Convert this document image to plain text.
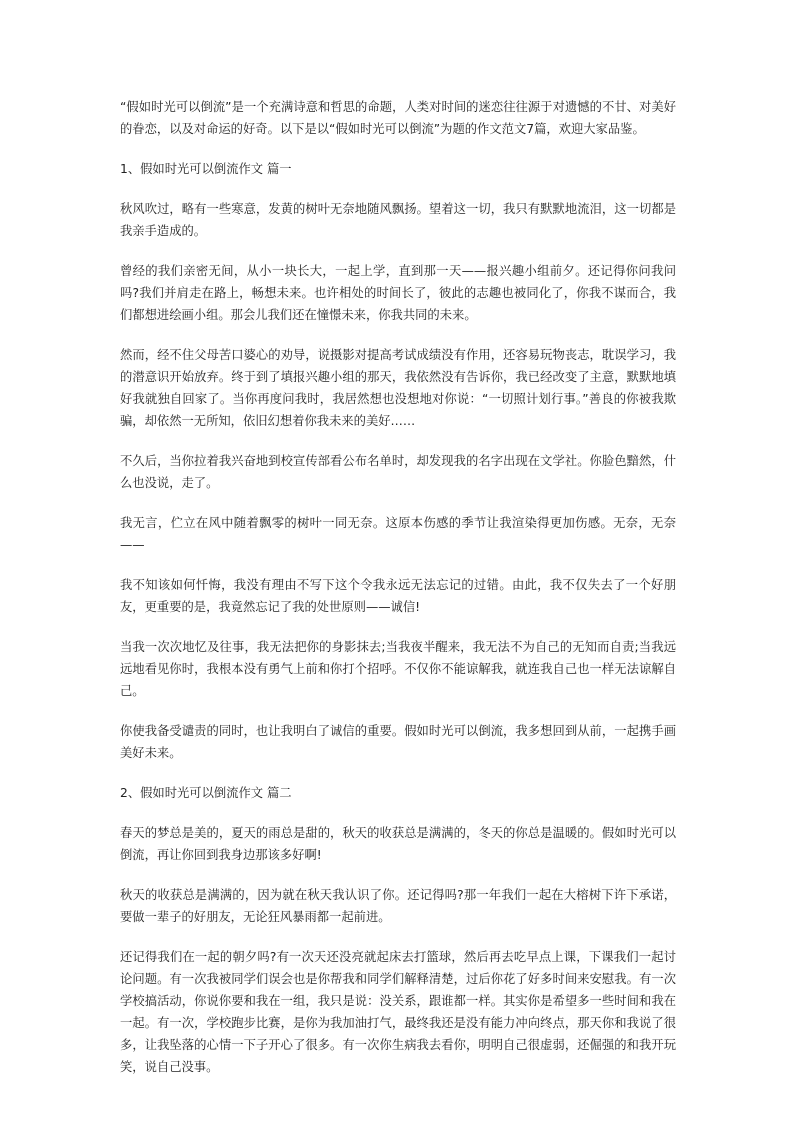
“假如时光可以倒流”是一个充满诗意和哲思的命题，人类对时间的迷恋往往源于对遗憾的不甘、对美好的眷恋，以及对命运的好奇。以下是以“假如时光可以倒流”为题的作文范文7篇，欢迎大家品鉴。

1、假如时光可以倒流作文 篇一

秋风吹过，略有一些寒意，发黄的树叶无奈地随风飘扬。望着这一切，我只有默默地流泪，这一切都是我亲手造成的。

曾经的我们亲密无间，从小一块长大，一起上学，直到那一天——报兴趣小组前夕。还记得你问我问吗?我们并肩走在路上，畅想未来。也许相处的时间长了，彼此的志趣也被同化了，你我不谋而合，我们都想进绘画小组。那会儿我们还在憧憬未来，你我共同的未来。

然而，经不住父母苦口婆心的劝导，说摄影对提高考试成绩没有作用，还容易玩物丧志，耽误学习，我的潜意识开始放弃。终于到了填报兴趣小组的那天，我依然没有告诉你，我已经改变了主意，默默地填好我就独自回家了。当你再度问我时，我居然想也没想地对你说：“一切照计划行事。”善良的你被我欺骗，却依然一无所知，依旧幻想着你我未来的美好……

不久后，当你拉着我兴奋地到校宣传部看公布名单时，却发现我的名字出现在文学社。你脸色黯然，什么也没说，走了。

我无言，伫立在风中随着飘零的树叶一同无奈。这原本伤感的季节让我渲染得更加伤感。无奈，无奈——

我不知该如何忏悔，我没有理由不写下这个令我永远无法忘记的过错。由此，我不仅失去了一个好朋友，更重要的是，我竟然忘记了我的处世原则——诚信!

当我一次次地忆及往事，我无法把你的身影抹去;当我夜半醒来，我无法不为自己的无知而自责;当我远远地看见你时，我根本没有勇气上前和你打个招呼。不仅你不能谅解我，就连我自己也一样无法谅解自己。

你使我备受谴责的同时，也让我明白了诚信的重要。假如时光可以倒流，我多想回到从前，一起携手画美好未来。

2、假如时光可以倒流作文 篇二

春天的梦总是美的，夏天的雨总是甜的，秋天的收获总是满满的，冬天的你总是温暖的。假如时光可以倒流，再让你回到我身边那该多好啊!

秋天的收获总是满满的，因为就在秋天我认识了你。还记得吗?那一年我们一起在大榕树下许下承诺，要做一辈子的好朋友，无论狂风暴雨都一起前进。

还记得我们在一起的朝夕吗?有一次天还没亮就起床去打篮球，然后再去吃早点上课，下课我们一起讨论问题。有一次我被同学们误会也是你帮我和同学们解释清楚，过后你花了好多时间来安慰我。有一次学校搞活动，你说你要和我在一组，我只是说：没关系，跟谁都一样。其实你是希望多一些时间和我在一起。有一次，学校跑步比赛，是你为我加油打气，最终我还是没有能力冲向终点，那天你和我说了很多，让我坠落的心情一下子开心了很多。有一次你生病我去看你，明明自己很虚弱，还倔强的和我开玩笑，说自己没事。
